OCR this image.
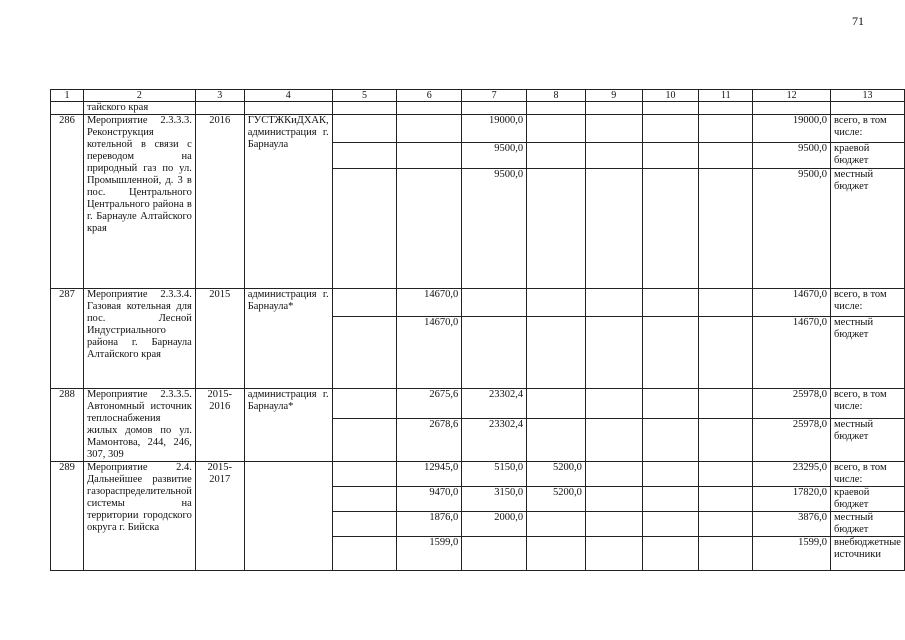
71
1	2	3	4	5	6	7	8	9	10	11	12	13
	тайского края											
286	Мероприятие 2.3.3.3. Реконструкция котельной в связи с переводом на природный газ по ул. Промышленной, д. 3 в пос. Центрального Центрального района в г. Барнауле Алтайского края	2016	ГУСТЖКиДХАК, администрация г. Барнаула			19000,0					19000,0	всего, в том числе:
						9500,0					9500,0	краевой бюджет
						9500,0					9500,0	местный бюджет
287	Мероприятие 2.3.3.4. Газовая котельная для пос. Лесной Индустриального района г. Барнаула Алтайского края	2015	администрация г. Барнаула*		14670,0						14670,0	всего, в том числе:
					14670,0						14670,0	местный бюджет
288	Мероприятие 2.3.3.5. Автономный источник теплоснабжения жилых домов по ул. Мамонтова, 244, 246, 307, 309	2015-2016	администрация г. Барнаула*		2675,6	23302,4					25978,0	всего, в том числе:
					2678,6	23302,4					25978,0	местный бюджет
289	Мероприятие 2.4. Дальнейшее развитие газораспределительной системы на территории городского округа г. Бийска	2015-2017			12945,0	5150,0	5200,0				23295,0	всего, в том числе:
					9470,0	3150,0	5200,0				17820,0	краевой бюджет
					1876,0	2000,0					3876,0	местный бюджет
					1599,0						1599,0	внебюджетные источники
